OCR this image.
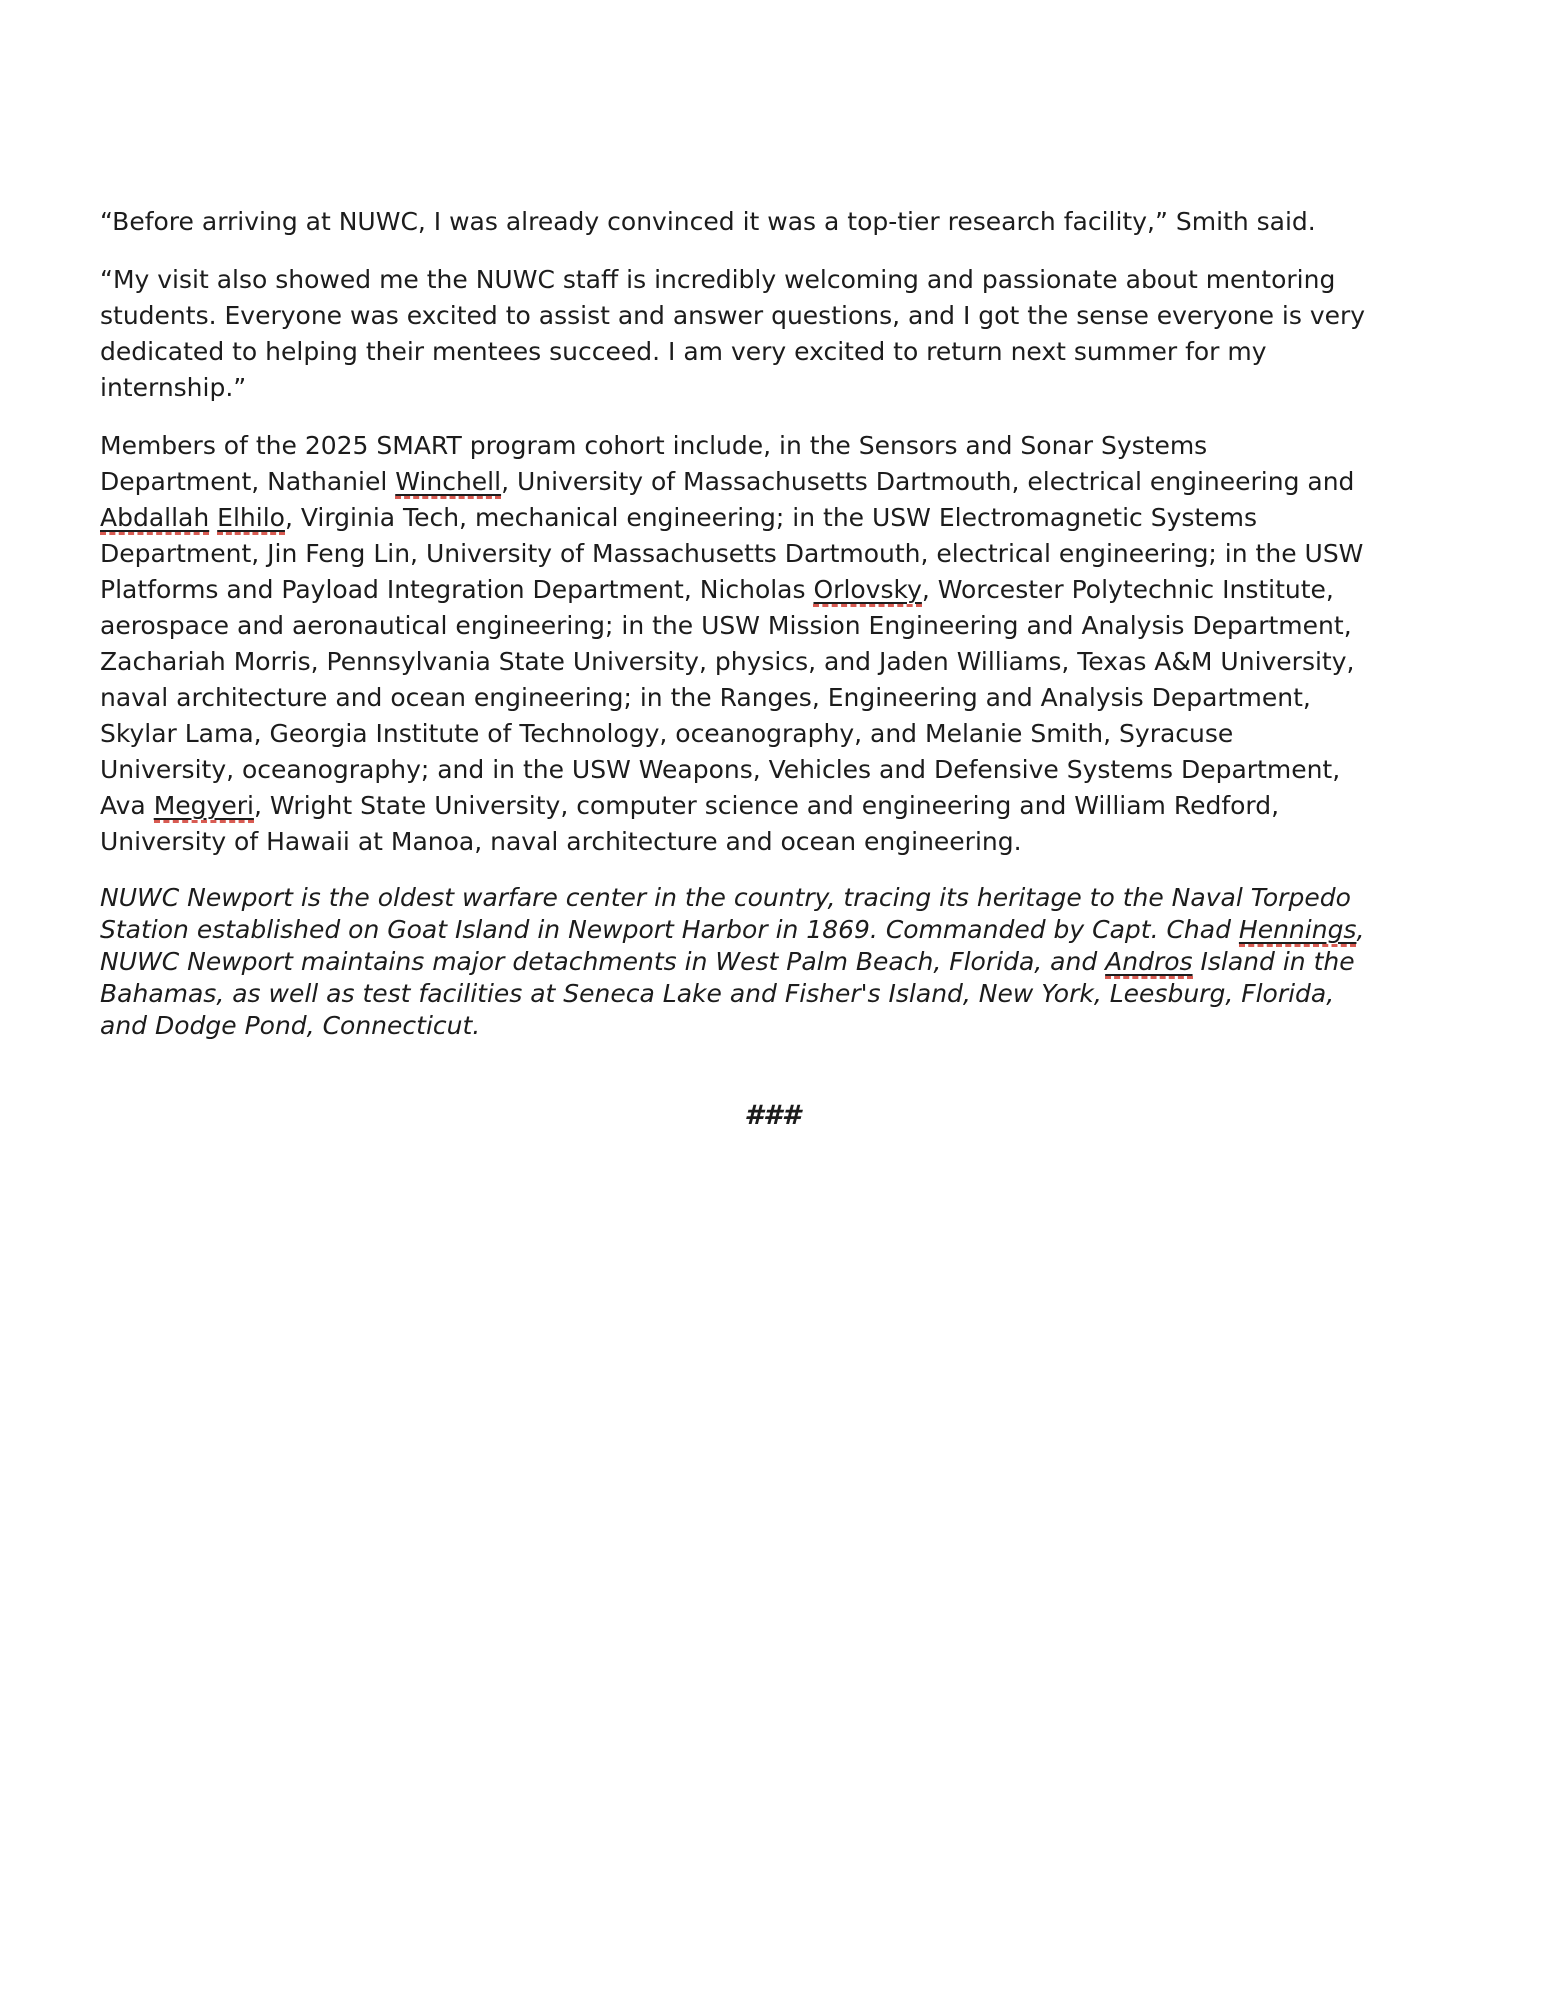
“Before arriving at NUWC, I was already convinced it was a top-tier research facility,” Smith said.
“My visit also showed me the NUWC staff is incredibly welcoming and passionate about mentoring
students. Everyone was excited to assist and answer questions, and I got the sense everyone is very
dedicated to helping their mentees succeed. I am very excited to return next summer for my
internship.”
Members of the 2025 SMART program cohort include, in the Sensors and Sonar Systems
Department, Nathaniel Winchell, University of Massachusetts Dartmouth, electrical engineering and
Abdallah Elhilo, Virginia Tech, mechanical engineering; in the USW Electromagnetic Systems
Department, Jin Feng Lin, University of Massachusetts Dartmouth, electrical engineering; in the USW
Platforms and Payload Integration Department, Nicholas Orlovsky, Worcester Polytechnic Institute,
aerospace and aeronautical engineering; in the USW Mission Engineering and Analysis Department,
Zachariah Morris, Pennsylvania State University, physics, and Jaden Williams, Texas A&M University,
naval architecture and ocean engineering; in the Ranges, Engineering and Analysis Department,
Skylar Lama, Georgia Institute of Technology, oceanography, and Melanie Smith, Syracuse
University, oceanography; and in the USW Weapons, Vehicles and Defensive Systems Department,
Ava Megyeri, Wright State University, computer science and engineering and William Redford,
University of Hawaii at Manoa, naval architecture and ocean engineering.
NUWC Newport is the oldest warfare center in the country, tracing its heritage to the Naval Torpedo
Station established on Goat Island in Newport Harbor in 1869. Commanded by Capt. Chad Hennings,
NUWC Newport maintains major detachments in West Palm Beach, Florida, and Andros Island in the
Bahamas, as well as test facilities at Seneca Lake and Fisher's Island, New York, Leesburg, Florida,
and Dodge Pond, Connecticut.
###
